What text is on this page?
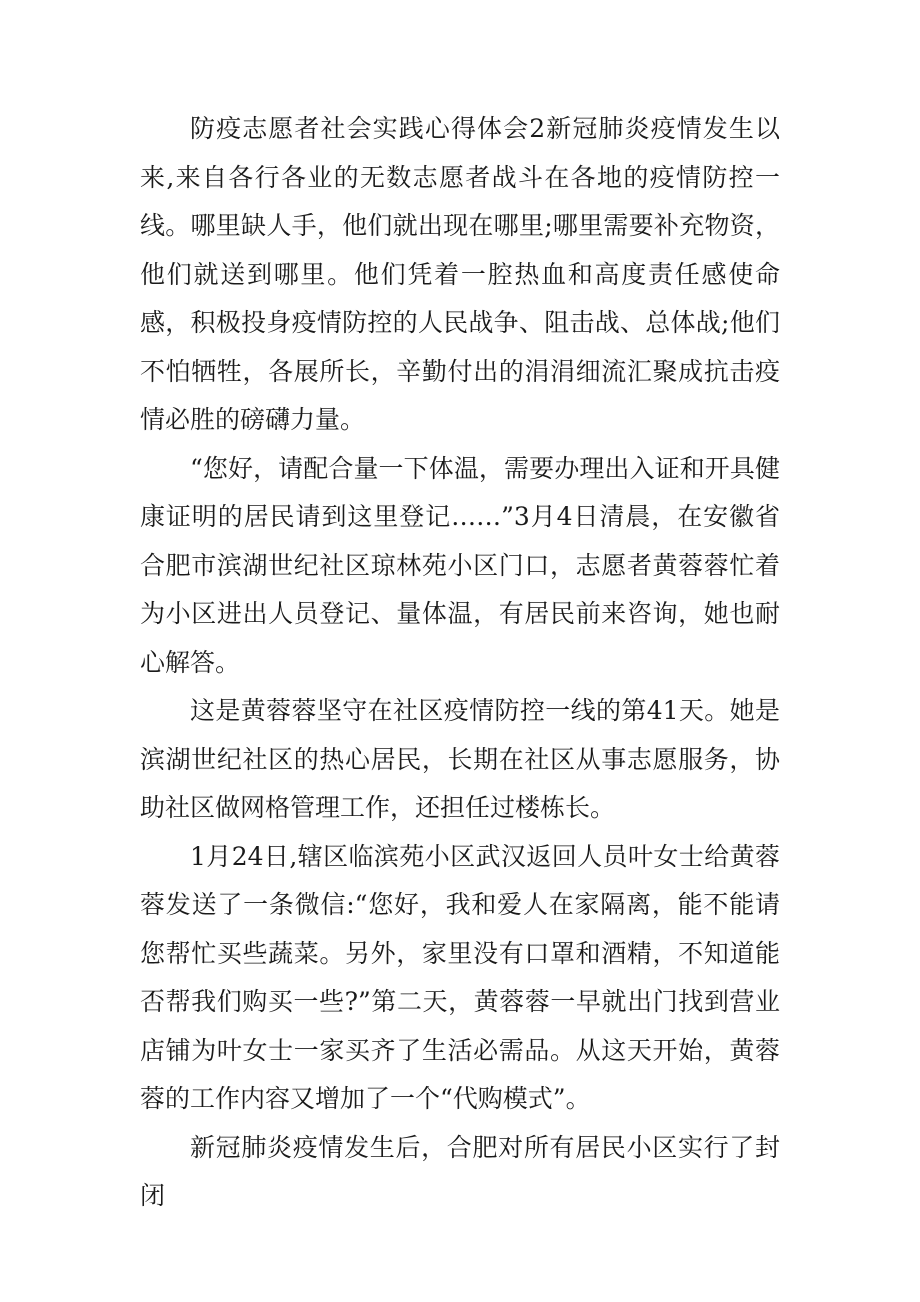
防疫志愿者社会实践心得体会2新冠肺炎疫情发生以来,来自各行各业的无数志愿者战斗在各地的疫情防控一线。哪里缺人手，他们就出现在哪里;哪里需要补充物资，他们就送到哪里。他们凭着一腔热血和高度责任感使命感，积极投身疫情防控的人民战争、阻击战、总体战;他们不怕牺牲，各展所长，辛勤付出的涓涓细流汇聚成抗击疫情必胜的磅礴力量。

“您好，请配合量一下体温，需要办理出入证和开具健康证明的居民请到这里登记……”3月4日清晨，在安徽省合肥市滨湖世纪社区琼林苑小区门口，志愿者黄蓉蓉忙着为小区进出人员登记、量体温，有居民前来咨询，她也耐心解答。

这是黄蓉蓉坚守在社区疫情防控一线的第41天。她是滨湖世纪社区的热心居民，长期在社区从事志愿服务，协助社区做网格管理工作，还担任过楼栋长。

1月24日,辖区临滨苑小区武汉返回人员叶女士给黄蓉蓉发送了一条微信:“您好，我和爱人在家隔离，能不能请您帮忙买些蔬菜。另外，家里没有口罩和酒精，不知道能否帮我们购买一些?”第二天，黄蓉蓉一早就出门找到营业店铺为叶女士一家买齐了生活必需品。从这天开始，黄蓉蓉的工作内容又增加了一个“代购模式”。

新冠肺炎疫情发生后，合肥对所有居民小区实行了封闭
